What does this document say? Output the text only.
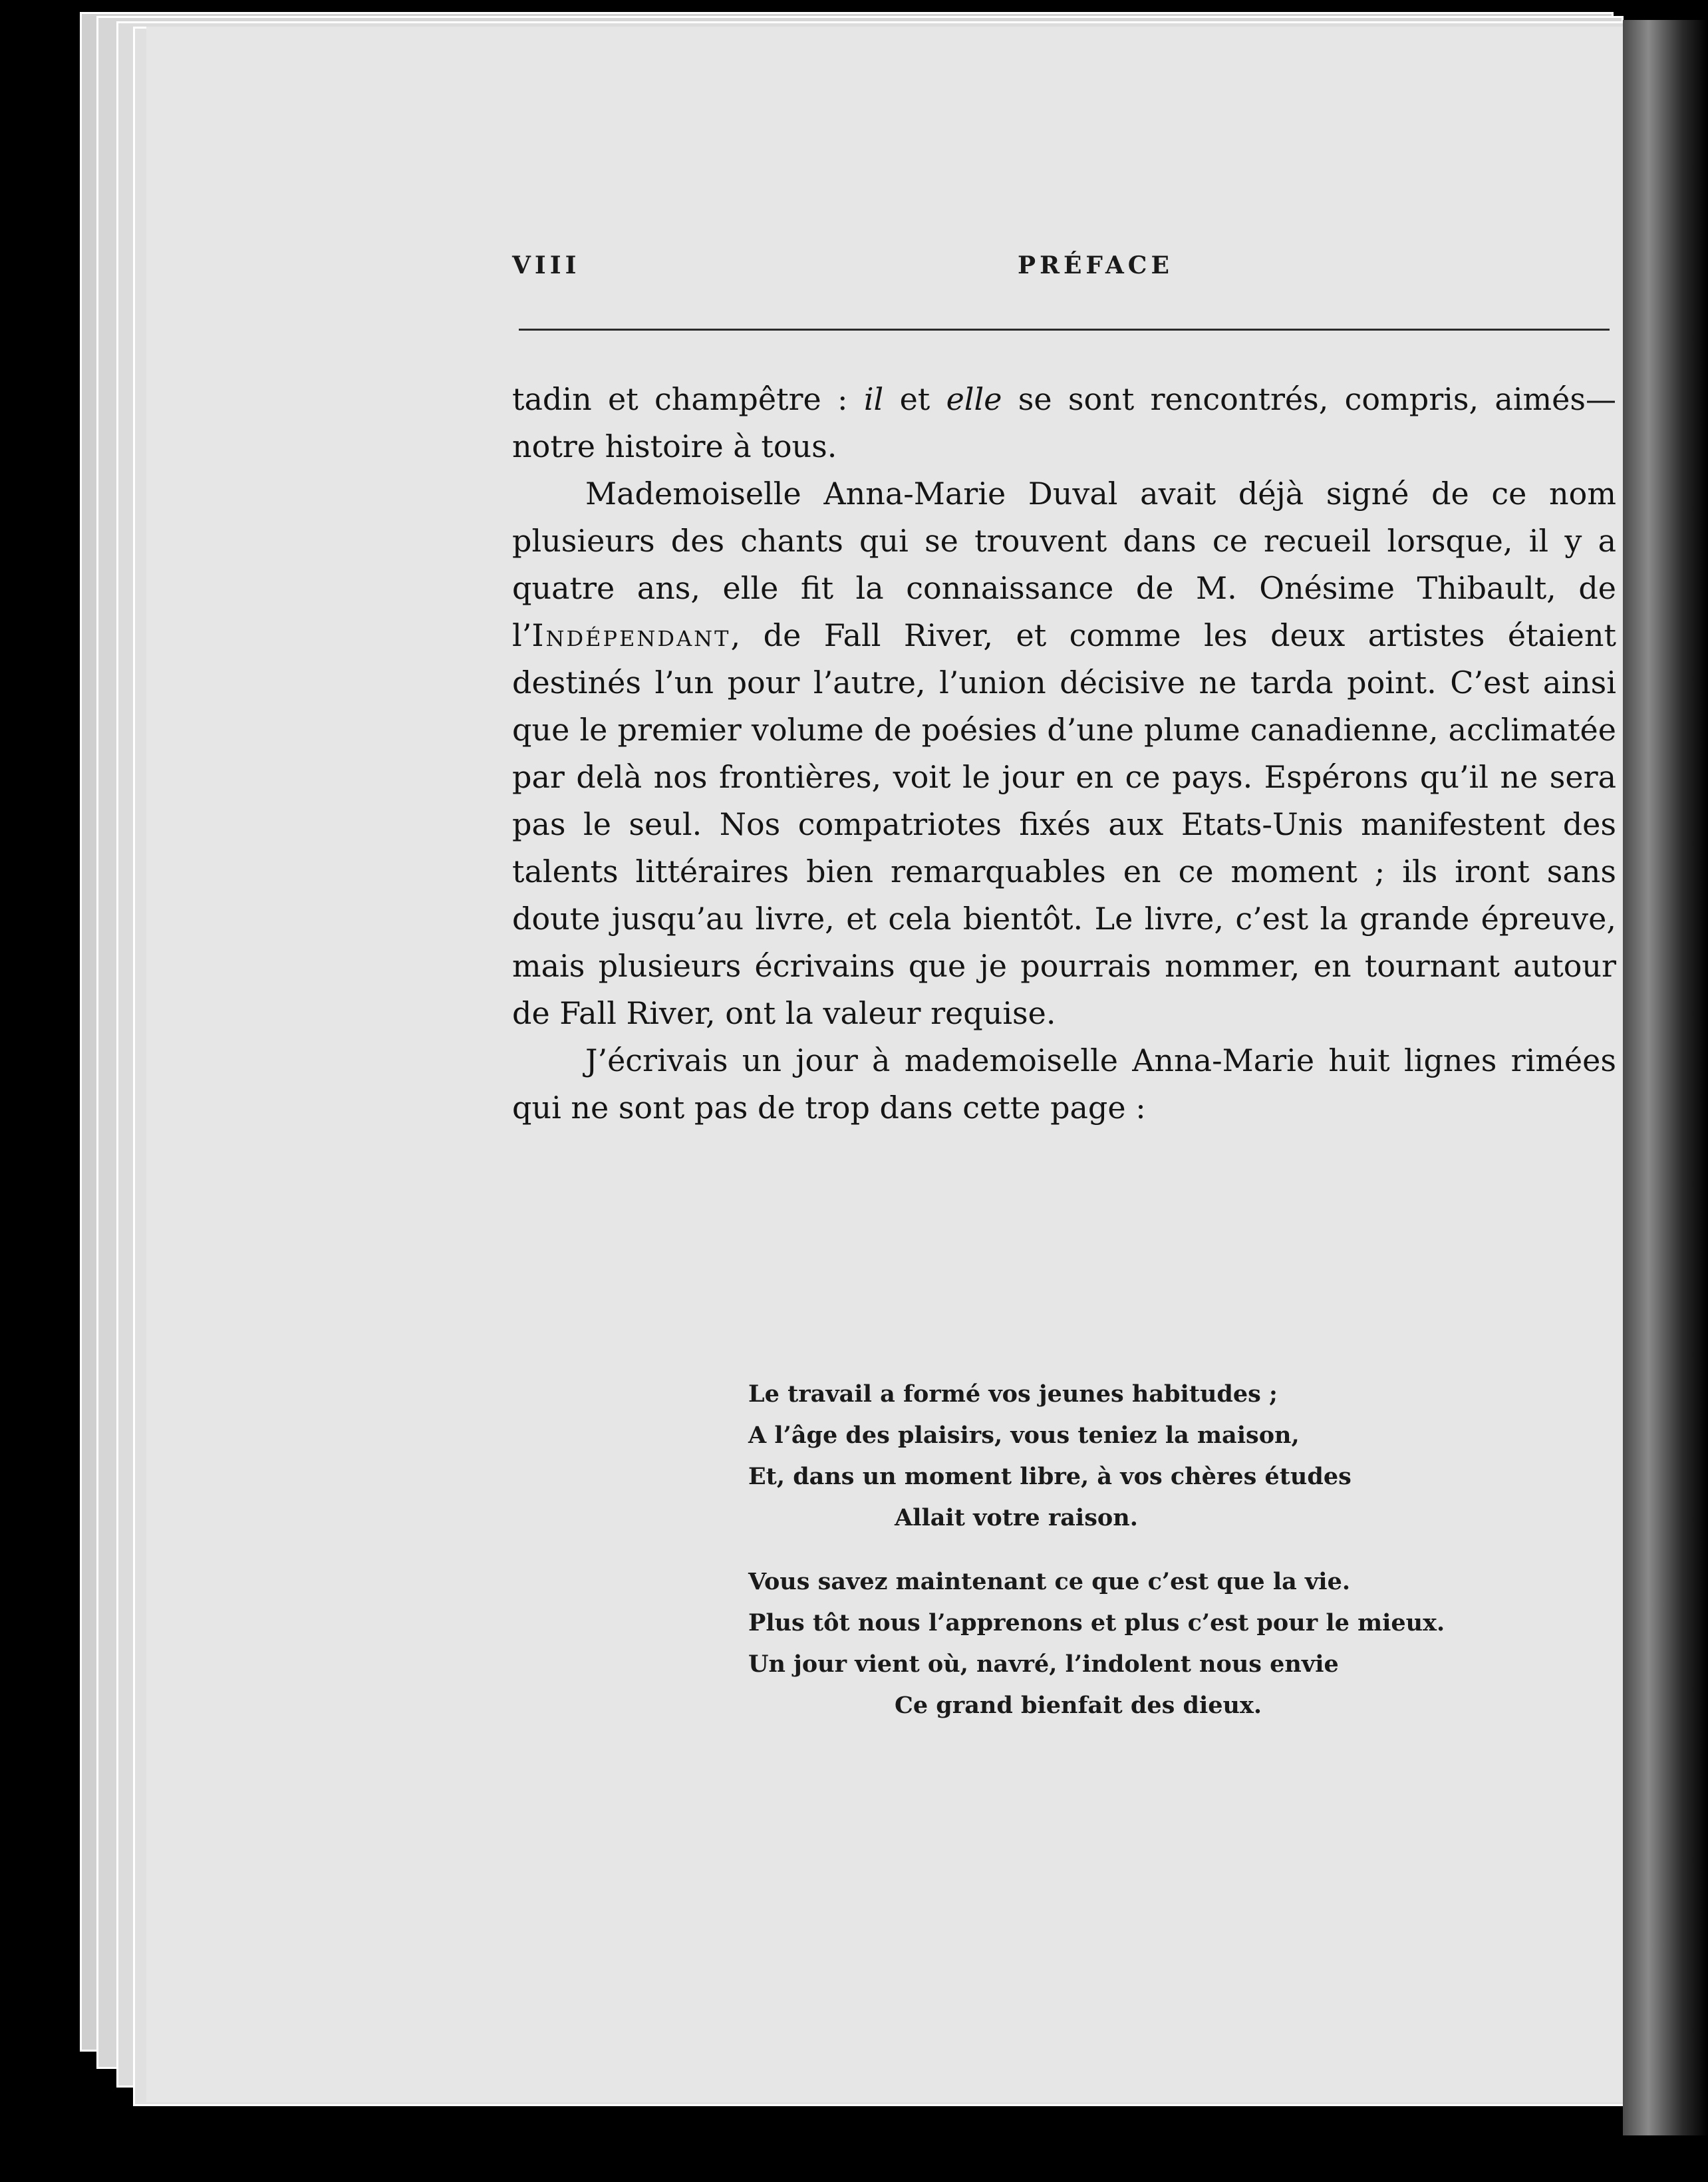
VIII	PRÉFACE

tadin et champêtre : il et elle se sont rencontrés, compris, aimés—notre histoire à tous.

Mademoiselle Anna-Marie Duval avait déjà signé de ce nom plusieurs des chants qui se trouvent dans ce recueil lorsque, il y a quatre ans, elle fit la connaissance de M. Onésime Thibault, de l’Indépendant, de Fall River, et comme les deux artistes étaient destinés l’un pour l’autre, l’union décisive ne tarda point. C’est ainsi que le premier volume de poésies d’une plume canadienne, acclimatée par delà nos frontières, voit le jour en ce pays. Espérons qu’il ne sera pas le seul. Nos compatriotes fixés aux Etats-Unis manifestent des talents littéraires bien remarquables en ce moment ; ils iront sans doute jusqu’au livre, et cela bientôt. Le livre, c’est la grande épreuve, mais plusieurs écrivains que je pourrais nommer, en tournant autour de Fall River, ont la valeur requise.

J’écrivais un jour à mademoiselle Anna-Marie huit lignes rimées qui ne sont pas de trop dans cette page :

Le travail a formé vos jeunes habitudes ;
A l’âge des plaisirs, vous teniez la maison,
Et, dans un moment libre, à vos chères études
Allait votre raison.
Vous savez maintenant ce que c’est que la vie.
Plus tôt nous l’apprenons et plus c’est pour le mieux.
Un jour vient où, navré, l’indolent nous envie
Ce grand bienfait des dieux.
